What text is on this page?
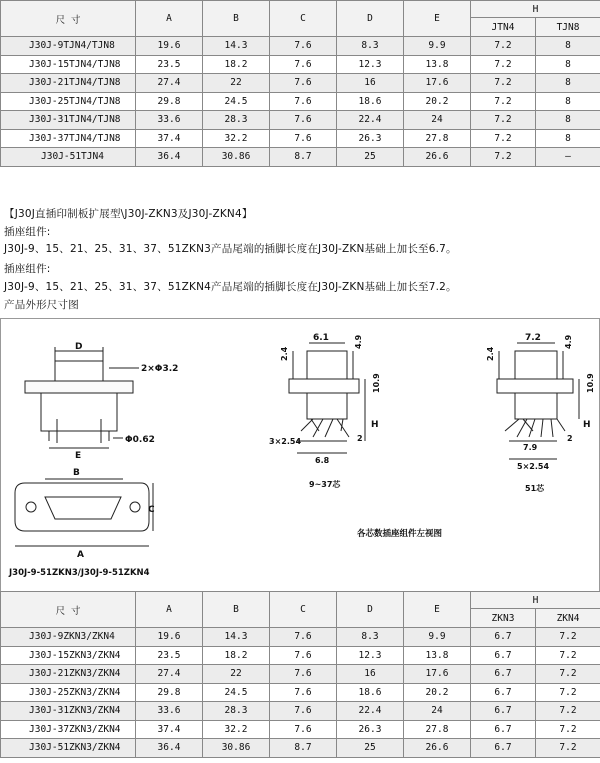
尺 寸	A	B	C	D	E	H	
						JTN4	TJN8
J30J-9TJN4/TJN8	19.6	14.3	7.6	8.3	9.9	7.2	8
J30J-15TJN4/TJN8	23.5	18.2	7.6	12.3	13.8	7.2	8
J30J-21TJN4/TJN8	27.4	22	7.6	16	17.6	7.2	8
J30J-25TJN4/TJN8	29.8	24.5	7.6	18.6	20.2	7.2	8
J30J-31TJN4/TJN8	33.6	28.3	7.6	22.4	24	7.2	8
J30J-37TJN4/TJN8	37.4	32.2	7.6	26.3	27.8	7.2	8
J30J-51TJN4	36.4	30.86	8.7	25	26.6	7.2	–
【J30J直插印制板扩展型\J30J-ZKN3及J30J-ZKN4】
插座组件:
J30J-9、15、21、25、31、37、51ZKN3产品尾端的插脚长度在J30J-ZKN基础上加长至6.7。
插座组件:
J30J-9、15、21、25、31、37、51ZKN4产品尾端的插脚长度在J30J-ZKN基础上加长至7.2。
产品外形尺寸图
D
2×Φ3.2
E
Φ0.62
B
C
A
J30J-9-51ZKN3/J30J-9-51ZKN4
6.1
2.4
4.9
10.9
H
2
3×2.54
6.8
9~37芯
7.2
2.4
4.9
10.9
H
2
7.9
5×2.54
51芯
各芯数插座组件左视图
尺 寸	A	B	C	D	E	H	
						ZKN3	ZKN4
J30J-9ZKN3/ZKN4	19.6	14.3	7.6	8.3	9.9	6.7	7.2
J30J-15ZKN3/ZKN4	23.5	18.2	7.6	12.3	13.8	6.7	7.2
J30J-21ZKN3/ZKN4	27.4	22	7.6	16	17.6	6.7	7.2
J30J-25ZKN3/ZKN4	29.8	24.5	7.6	18.6	20.2	6.7	7.2
J30J-31ZKN3/ZKN4	33.6	28.3	7.6	22.4	24	6.7	7.2
J30J-37ZKN3/ZKN4	37.4	32.2	7.6	26.3	27.8	6.7	7.2
J30J-51ZKN3/ZKN4	36.4	30.86	8.7	25	26.6	6.7	7.2
